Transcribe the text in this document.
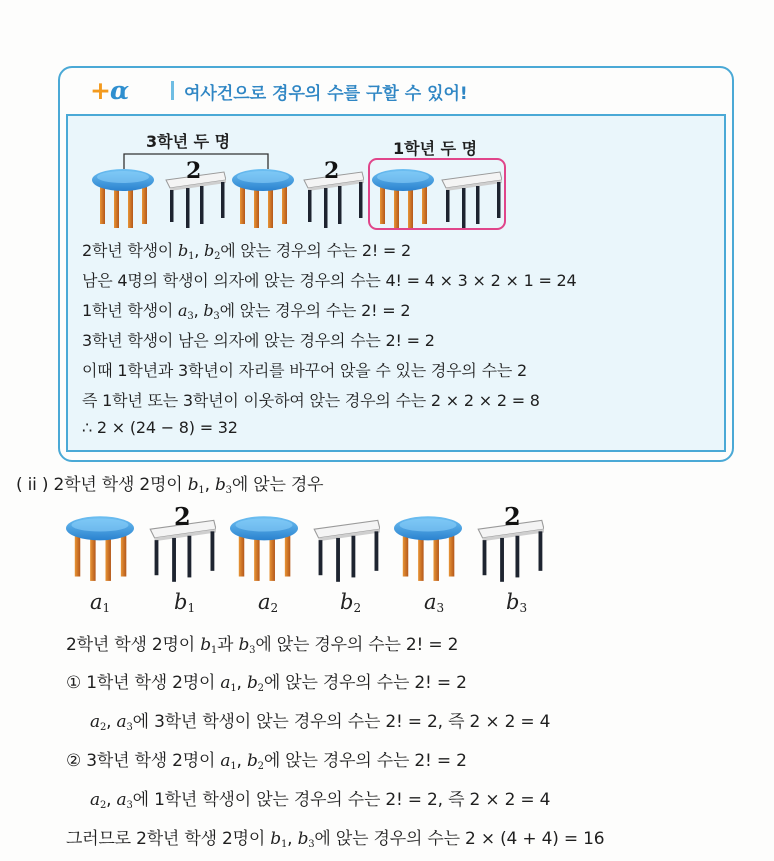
+α	여사건으로 경우의 수를 구할 수 있어!
3학년 두 명	1학년 두 명
2	2
2학년 학생이 $b_1$, $b_2$에 앉는 경우의 수는 2! = 2
남은 4명의 학생이 의자에 앉는 경우의 수는 4! = 4 × 3 × 2 × 1 = 24
1학년 학생이 $a_3$, $b_3$에 앉는 경우의 수는 2! = 2
3학년 학생이 남은 의자에 앉는 경우의 수는 2! = 2
이때 1학년과 3학년이 자리를 바꾸어 앉을 수 있는 경우의 수는 2
즉 1학년 또는 3학년이 이웃하여 앉는 경우의 수는 2 × 2 × 2 = 8
∴ 2 × (24 − 8) = 32
( ii ) 2학년 학생 2명이 $b_1$, $b_3$에 앉는 경우
2	2
$a_1$	$b_1$	$a_2$	$b_2$	$a_3$	$b_3$
2학년 학생 2명이 $b_1$과 $b_3$에 앉는 경우의 수는 2! = 2
① 1학년 학생 2명이 $a_1$, $b_2$에 앉는 경우의 수는 2! = 2
$a_2$, $a_3$에 3학년 학생이 앉는 경우의 수는 2! = 2, 즉 2 × 2 = 4
② 3학년 학생 2명이 $a_1$, $b_2$에 앉는 경우의 수는 2! = 2
$a_2$, $a_3$에 1학년 학생이 앉는 경우의 수는 2! = 2, 즉 2 × 2 = 4
그러므로 2학년 학생 2명이 $b_1$, $b_3$에 앉는 경우의 수는 2 × (4 + 4) = 16
